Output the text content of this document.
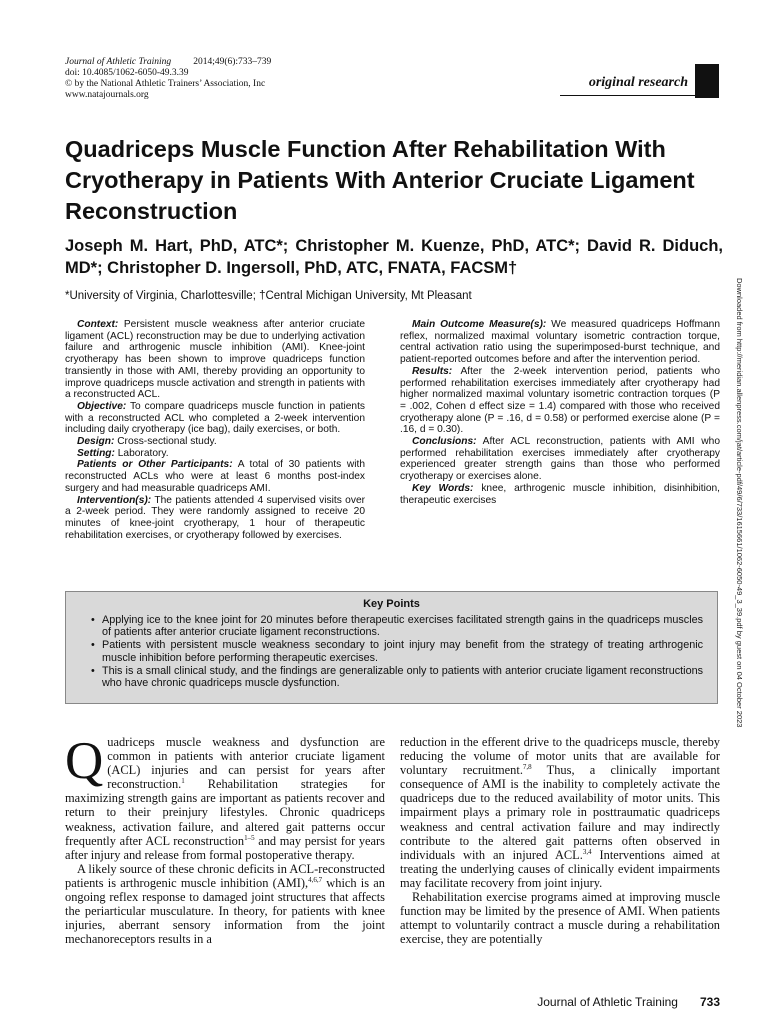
Journal of Athletic Training 2014;49(6):733–739
doi: 10.4085/1062-6050-49.3.39
© by the National Athletic Trainers’ Association, Inc
www.natajournals.org
original research
Quadriceps Muscle Function After Rehabilitation With Cryotherapy in Patients With Anterior Cruciate Ligament Reconstruction

Joseph M. Hart, PhD, ATC*; Christopher M. Kuenze, PhD, ATC*; David R. Diduch, MD*; Christopher D. Ingersoll, PhD, ATC, FNATA, FACSM†

*University of Virginia, Charlottesville; †Central Michigan University, Mt Pleasant

Context: Persistent muscle weakness after anterior cruciate ligament (ACL) reconstruction may be due to underlying activation failure and arthrogenic muscle inhibition (AMI). Knee-joint cryotherapy has been shown to improve quadriceps function transiently in those with AMI, thereby providing an opportunity to improve quadriceps muscle activation and strength in patients with a reconstructed ACL.

Objective: To compare quadriceps muscle function in patients with a reconstructed ACL who completed a 2-week intervention including daily cryotherapy (ice bag), daily exercises, or both.

Design: Cross-sectional study.

Setting: Laboratory.

Patients or Other Participants: A total of 30 patients with reconstructed ACLs who were at least 6 months post-index surgery and had measurable quadriceps AMI.

Intervention(s): The patients attended 4 supervised visits over a 2-week period. They were randomly assigned to receive 20 minutes of knee-joint cryotherapy, 1 hour of therapeutic rehabilitation exercises, or cryotherapy followed by exercises.

Main Outcome Measure(s): We measured quadriceps Hoffmann reflex, normalized maximal voluntary isometric contraction torque, central activation ratio using the superimposed-burst technique, and patient-reported outcomes before and after the intervention period.

Results: After the 2-week intervention period, patients who performed rehabilitation exercises immediately after cryotherapy had higher normalized maximal voluntary isometric contraction torques (P = .002, Cohen d effect size = 1.4) compared with those who received cryotherapy alone (P = .16, d = 0.58) or performed exercise alone (P = .16, d = 0.30).

Conclusions: After ACL reconstruction, patients with AMI who performed rehabilitation exercises immediately after cryotherapy experienced greater strength gains than those who performed cryotherapy or exercises alone.

Key Words: knee, arthrogenic muscle inhibition, disinhibition, therapeutic exercises

Key Points
• Applying ice to the knee joint for 20 minutes before therapeutic exercises facilitated strength gains in the quadriceps muscles of patients after anterior cruciate ligament reconstructions.
• Patients with persistent muscle weakness secondary to joint injury may benefit from the strategy of treating arthrogenic muscle inhibition before performing therapeutic exercises.
• This is a small clinical study, and the findings are generalizable only to patients with anterior cruciate ligament reconstructions who have chronic quadriceps muscle dysfunction.

Quadriceps muscle weakness and dysfunction are common in patients with anterior cruciate ligament (ACL) injuries and can persist for years after reconstruction.$^1$ Rehabilitation strategies for maximizing strength gains are important as patients recover and return to their preinjury lifestyles. Chronic quadriceps weakness, activation failure, and altered gait patterns occur frequently after ACL reconstruction$^{1-5}$ and may persist for years after injury and release from formal postoperative therapy.

A likely source of these chronic deficits in ACL-reconstructed patients is arthrogenic muscle inhibition (AMI),$^{4,6,7}$ which is an ongoing reflex response to damaged joint structures that affects the periarticular musculature. In theory, for patients with knee injuries, aberrant sensory information from the joint mechanoreceptors results in a

reduction in the efferent drive to the quadriceps muscle, thereby reducing the volume of motor units that are available for voluntary recruitment.$^{7,8}$ Thus, a clinically important consequence of AMI is the inability to completely activate the quadriceps due to the reduced availability of motor units. This impairment plays a primary role in posttraumatic quadriceps weakness and central activation failure and may indirectly contribute to the altered gait patterns often observed in individuals with an injured ACL.$^{3,4}$ Interventions aimed at treating the underlying causes of clinically evident impairments may facilitate recovery from joint injury.

Rehabilitation exercise programs aimed at improving muscle function may be limited by the presence of AMI. When patients attempt to voluntarily contract a muscle during a rehabilitation exercise, they are potentially

Downloaded from http://meridian.allenpress.com/jat/article-pdf/49/6/733/1615661/1062-6050-49_3_39.pdf by guest on 04 October 2023
Journal of Athletic Training 733
